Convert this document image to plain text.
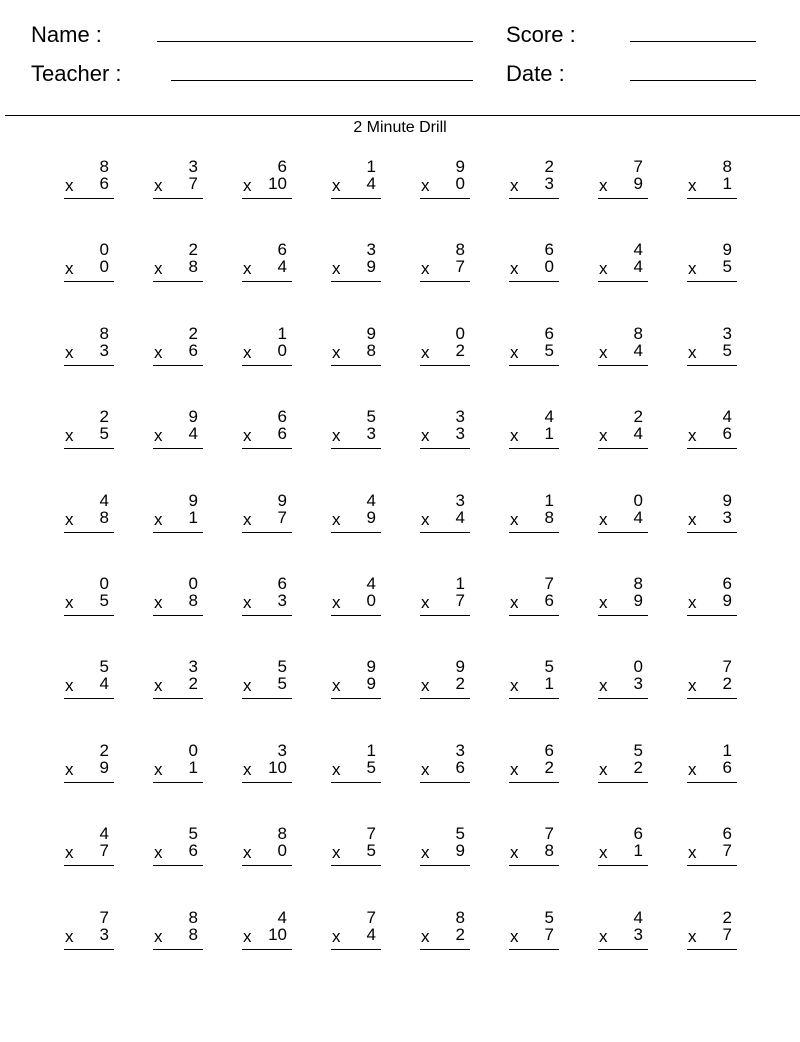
Name :
Teacher :
Score :
Date :
2 Minute Drill
8
x 6
3
x 7
6
x 10
1
x 4
9
x 0
2
x 3
7
x 9
8
x 1
0
x 0
2
x 8
6
x 4
3
x 9
8
x 7
6
x 0
4
x 4
9
x 5
8
x 3
2
x 6
1
x 0
9
x 8
0
x 2
6
x 5
8
x 4
3
x 5
2
x 5
9
x 4
6
x 6
5
x 3
3
x 3
4
x 1
2
x 4
4
x 6
4
x 8
9
x 1
9
x 7
4
x 9
3
x 4
1
x 8
0
x 4
9
x 3
0
x 5
0
x 8
6
x 3
4
x 0
1
x 7
7
x 6
8
x 9
6
x 9
5
x 4
3
x 2
5
x 5
9
x 9
9
x 2
5
x 1
0
x 3
7
x 2
2
x 9
0
x 1
3
x 10
1
x 5
3
x 6
6
x 2
5
x 2
1
x 6
4
x 7
5
x 6
8
x 0
7
x 5
5
x 9
7
x 8
6
x 1
6
x 7
7
x 3
8
x 8
4
x 10
7
x 4
8
x 2
5
x 7
4
x 3
2
x 7
